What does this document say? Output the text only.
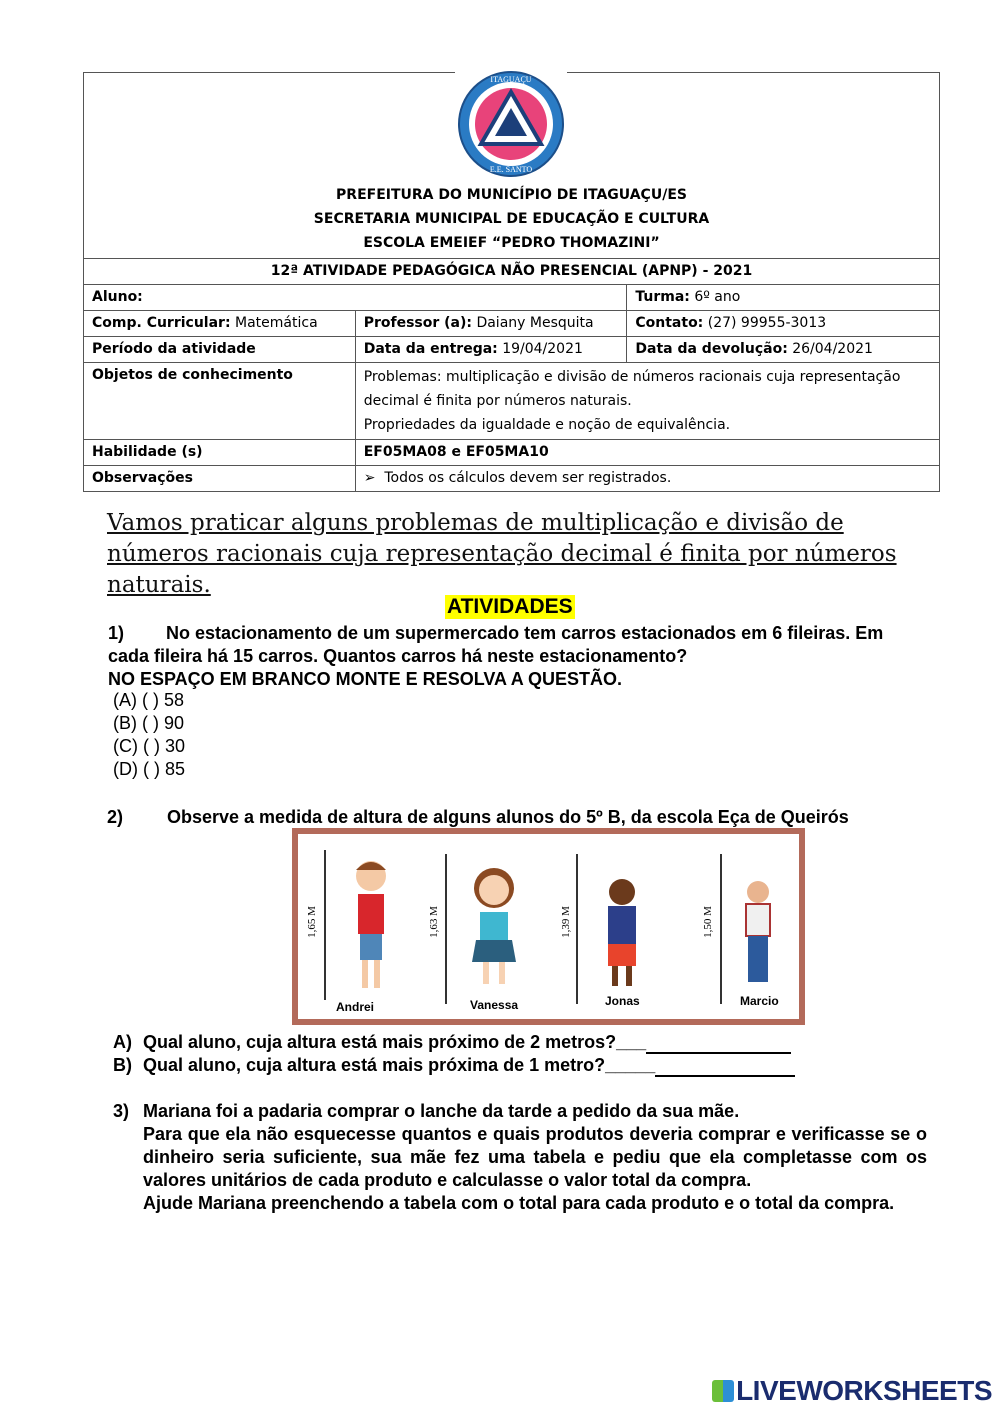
ITAGUAÇU
E.E. SANTO
PREFEITURA DO MUNICÍPIO DE ITAGUAÇU/ES
SECRETARIA MUNICIPAL DE EDUCAÇÃO E CULTURA
ESCOLA EMEIEF “PEDRO THOMAZINI”
12ª ATIVIDADE PEDAGÓGICA NÃO PRESENCIAL (APNP) - 2021		
Aluno:		Turma: 6º ano
Comp. Curricular: Matemática	Professor (a): Daiany Mesquita	Contato: (27) 99955-3013
Período da atividade	Data da entrega: 19/04/2021	Data da devolução: 26/04/2021
Objetos de conhecimento	Problemas: multiplicação e divisão de números racionais cuja representação decimal é finita por números naturais.
Propriedades da igualdade e noção de equivalência.	

Habilidade (s)	EF05MA08 e EF05MA10	
Observações	➢  Todos os cálculos devem ser registrados.	
Vamos praticar alguns problemas de multiplicação e divisão de números racionais cuja representação decimal é finita por números naturais.
ATIVIDADES
1) No estacionamento de um supermercado tem carros estacionados em 6 fileiras. Em cada fileira há 15 carros. Quantos carros há neste estacionamento?
NO ESPAÇO EM BRANCO MONTE E RESOLVA A QUESTÃO.
(A) ( ) 58
(B) ( ) 90
(C) ( ) 30
(D) ( ) 85
2) Observe a medida de altura de alguns alunos do 5º B, da escola Eça de Queirós
1,65 M
Andrei
1,63 M
Vanessa
1,39 M
Jonas
1,50 M
Marcio
A) Qual aluno, cuja altura está mais próximo de 2 metros?___
B) Qual aluno, cuja altura está mais próxima de 1 metro?_____
3) Mariana foi a padaria comprar o lanche da tarde a pedido da sua mãe.
Para que ela não esquecesse quantos e quais produtos deveria comprar e verificasse se o dinheiro seria suficiente, sua mãe fez uma tabela e pediu que ela completasse com os valores unitários de cada produto e calculasse o valor total da compra.
Ajude Mariana preenchendo a tabela com o total para cada produto e o total da compra.
LIVEWORKSHEETS
